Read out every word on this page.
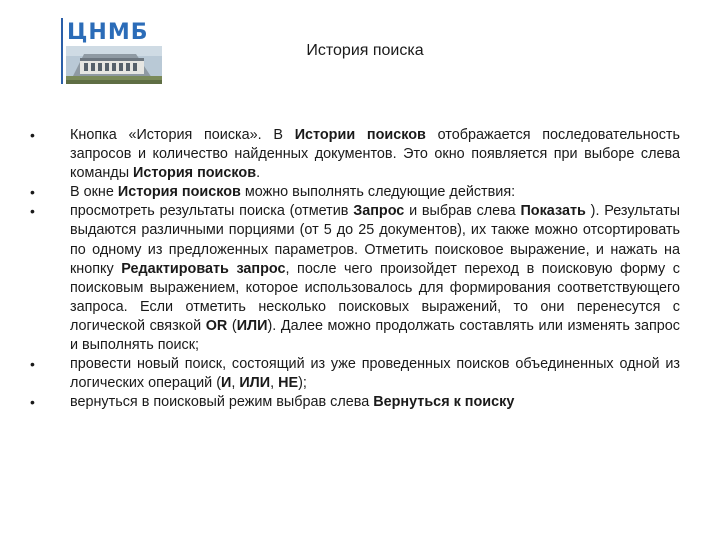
ЦНМБ
История поиска
• Кнопка «История поиска». В Истории поисков отображается последовательность запросов и количество найденных документов. Это окно появляется при выборе слева команды История поисков.
• В окне История поисков можно выполнять следующие действия:
• просмотреть результаты поиска (отметив Запрос и выбрав слева Показать ). Результаты выдаются различными порциями (от 5 до 25 документов), их также можно отсортировать по одному из предложенных параметров. Отметить поисковое выражение, и нажать на кнопку Редактировать запрос, после чего произойдет переход в поисковую форму с поисковым выражением, которое использовалось для формирования соответствующего запроса. Если отметить несколько поисковых выражений, то они перенесутся с логической связкой OR (ИЛИ). Далее можно продолжать составлять или изменять запрос и выполнять поиск;
• провести новый поиск, состоящий из уже проведенных поисков объединенных одной из логических операций (И, ИЛИ, НЕ);
• вернуться в поисковый режим выбрав слева Вернуться к поиску
